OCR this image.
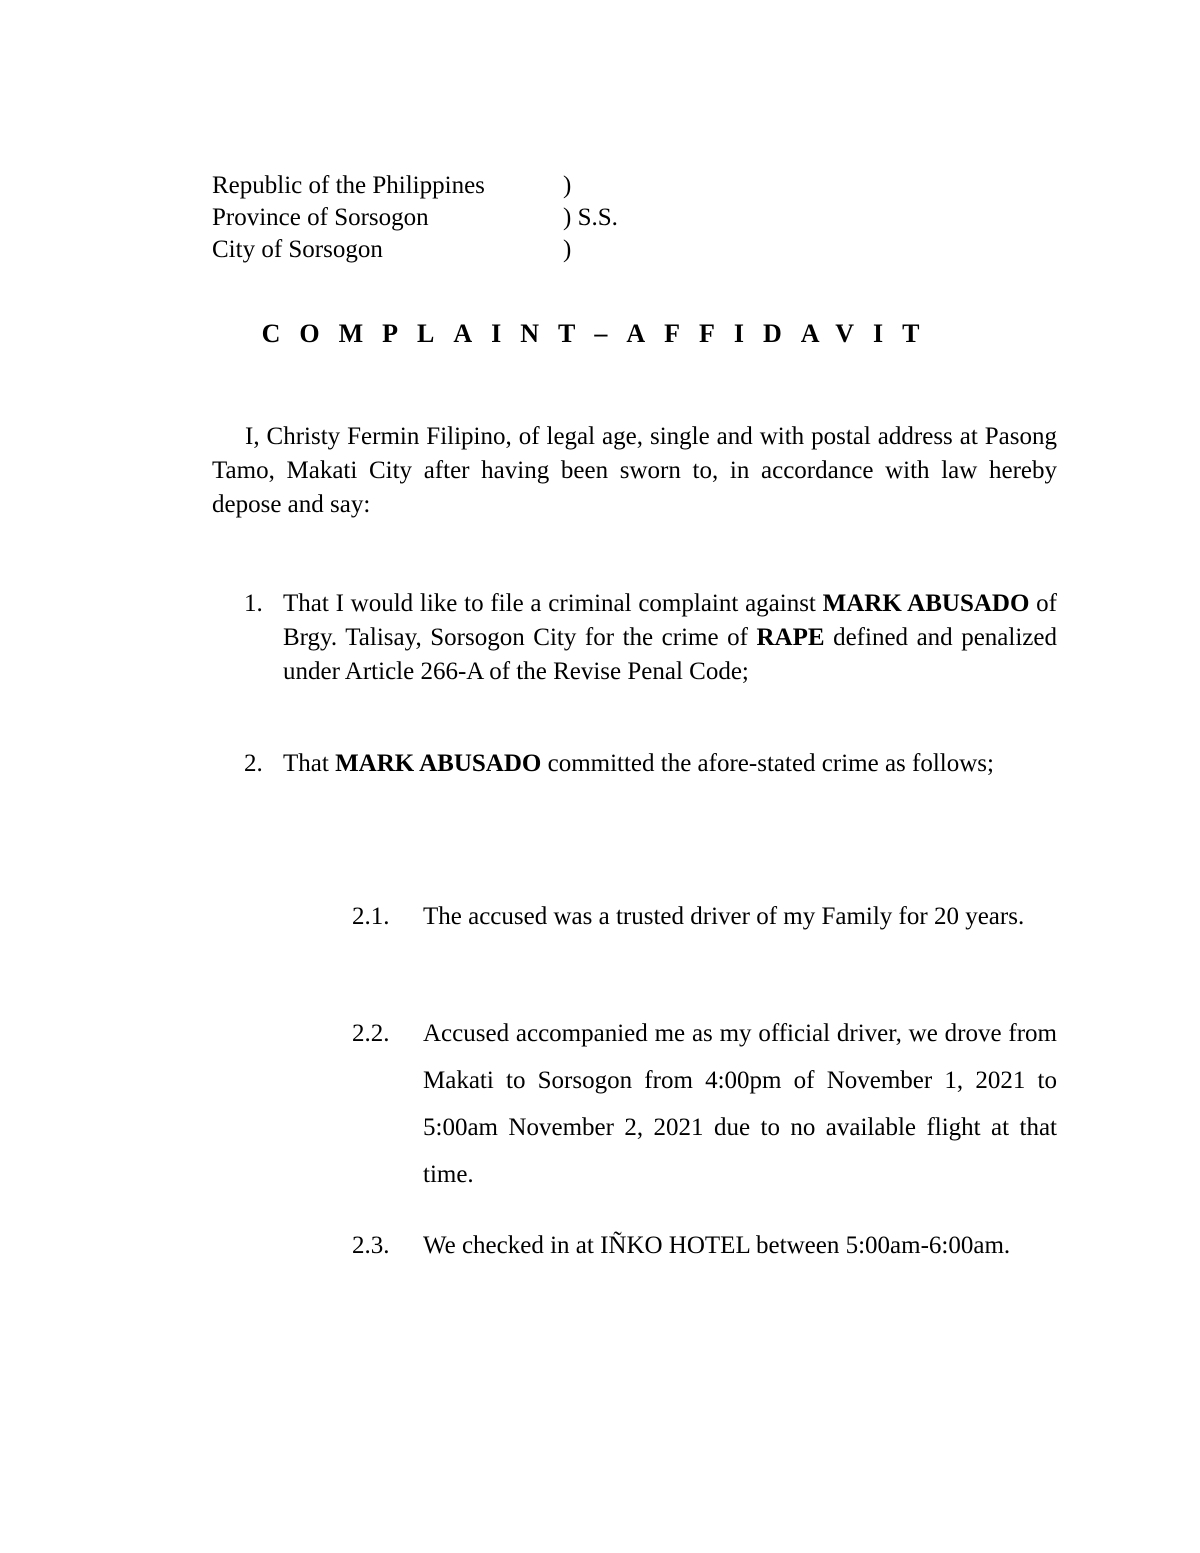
Republic of the Philippines	)
Province of Sorsogon	) S.S.
City of Sorsogon	)
COMPLAINT–AFFIDAVIT

I, Christy Fermin Filipino, of legal age, single and with postal address at Pasong Tamo, Makati City after having been sworn to, in accordance with law hereby depose and say:

1. That I would like to file a criminal complaint against MARK ABUSADO of Brgy. Talisay, Sorsogon City for the crime of RAPE defined and penalized under Article 266-A of the Revise Penal Code;

2. That MARK ABUSADO committed the afore-stated crime as follows;

2.1. The accused was a trusted driver of my Family for 20 years.

2.2. Accused accompanied me as my official driver, we drove from Makati to Sorsogon from 4:00pm of November 1, 2021 to 5:00am November 2, 2021 due to no available flight at that time.

2.3. We checked in at IÑKO HOTEL between 5:00am-6:00am.
